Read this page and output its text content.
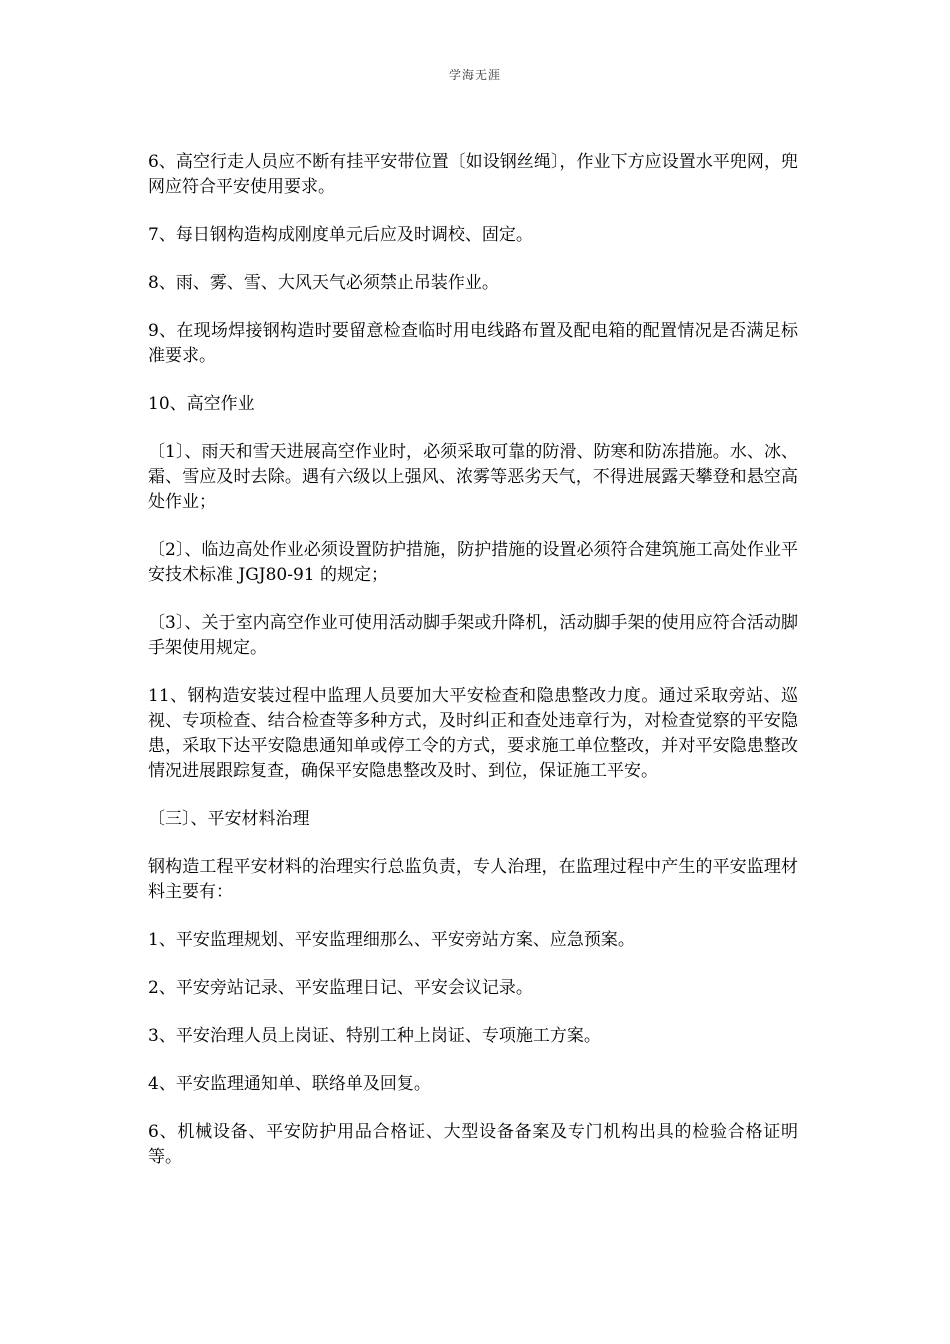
学海无涯

6、高空行走人员应不断有挂平安带位置〔如设钢丝绳〕，作业下方应设置水平兜网，兜网应符合平安使用要求。

7、每日钢构造构成刚度单元后应及时调校、固定。

8、雨、雾、雪、大风天气必须禁止吊装作业。

9、在现场焊接钢构造时要留意检查临时用电线路布置及配电箱的配置情况是否满足标准要求。

10、高空作业

〔1〕、雨天和雪天进展高空作业时，必须采取可靠的防滑、防寒和防冻措施。水、冰、霜、雪应及时去除。遇有六级以上强风、浓雾等恶劣天气，不得进展露天攀登和悬空高处作业；

〔2〕、临边高处作业必须设置防护措施，防护措施的设置必须符合建筑施工高处作业平安技术标准 JGJ80-91 的规定；

〔3〕、关于室内高空作业可使用活动脚手架或升降机，活动脚手架的使用应符合活动脚手架使用规定。

11、钢构造安装过程中监理人员要加大平安检查和隐患整改力度。通过采取旁站、巡视、专项检查、结合检查等多种方式，及时纠正和查处违章行为，对检查觉察的平安隐患，采取下达平安隐患通知单或停工令的方式，要求施工单位整改，并对平安隐患整改情况进展跟踪复查，确保平安隐患整改及时、到位，保证施工平安。

〔三〕、平安材料治理

钢构造工程平安材料的治理实行总监负责，专人治理，在监理过程中产生的平安监理材料主要有：

1、平安监理规划、平安监理细那么、平安旁站方案、应急预案。

2、平安旁站记录、平安监理日记、平安会议记录。

3、平安治理人员上岗证、特别工种上岗证、专项施工方案。

4、平安监理通知单、联络单及回复。

6、机械设备、平安防护用品合格证、大型设备备案及专门机构出具的检验合格证明等。
